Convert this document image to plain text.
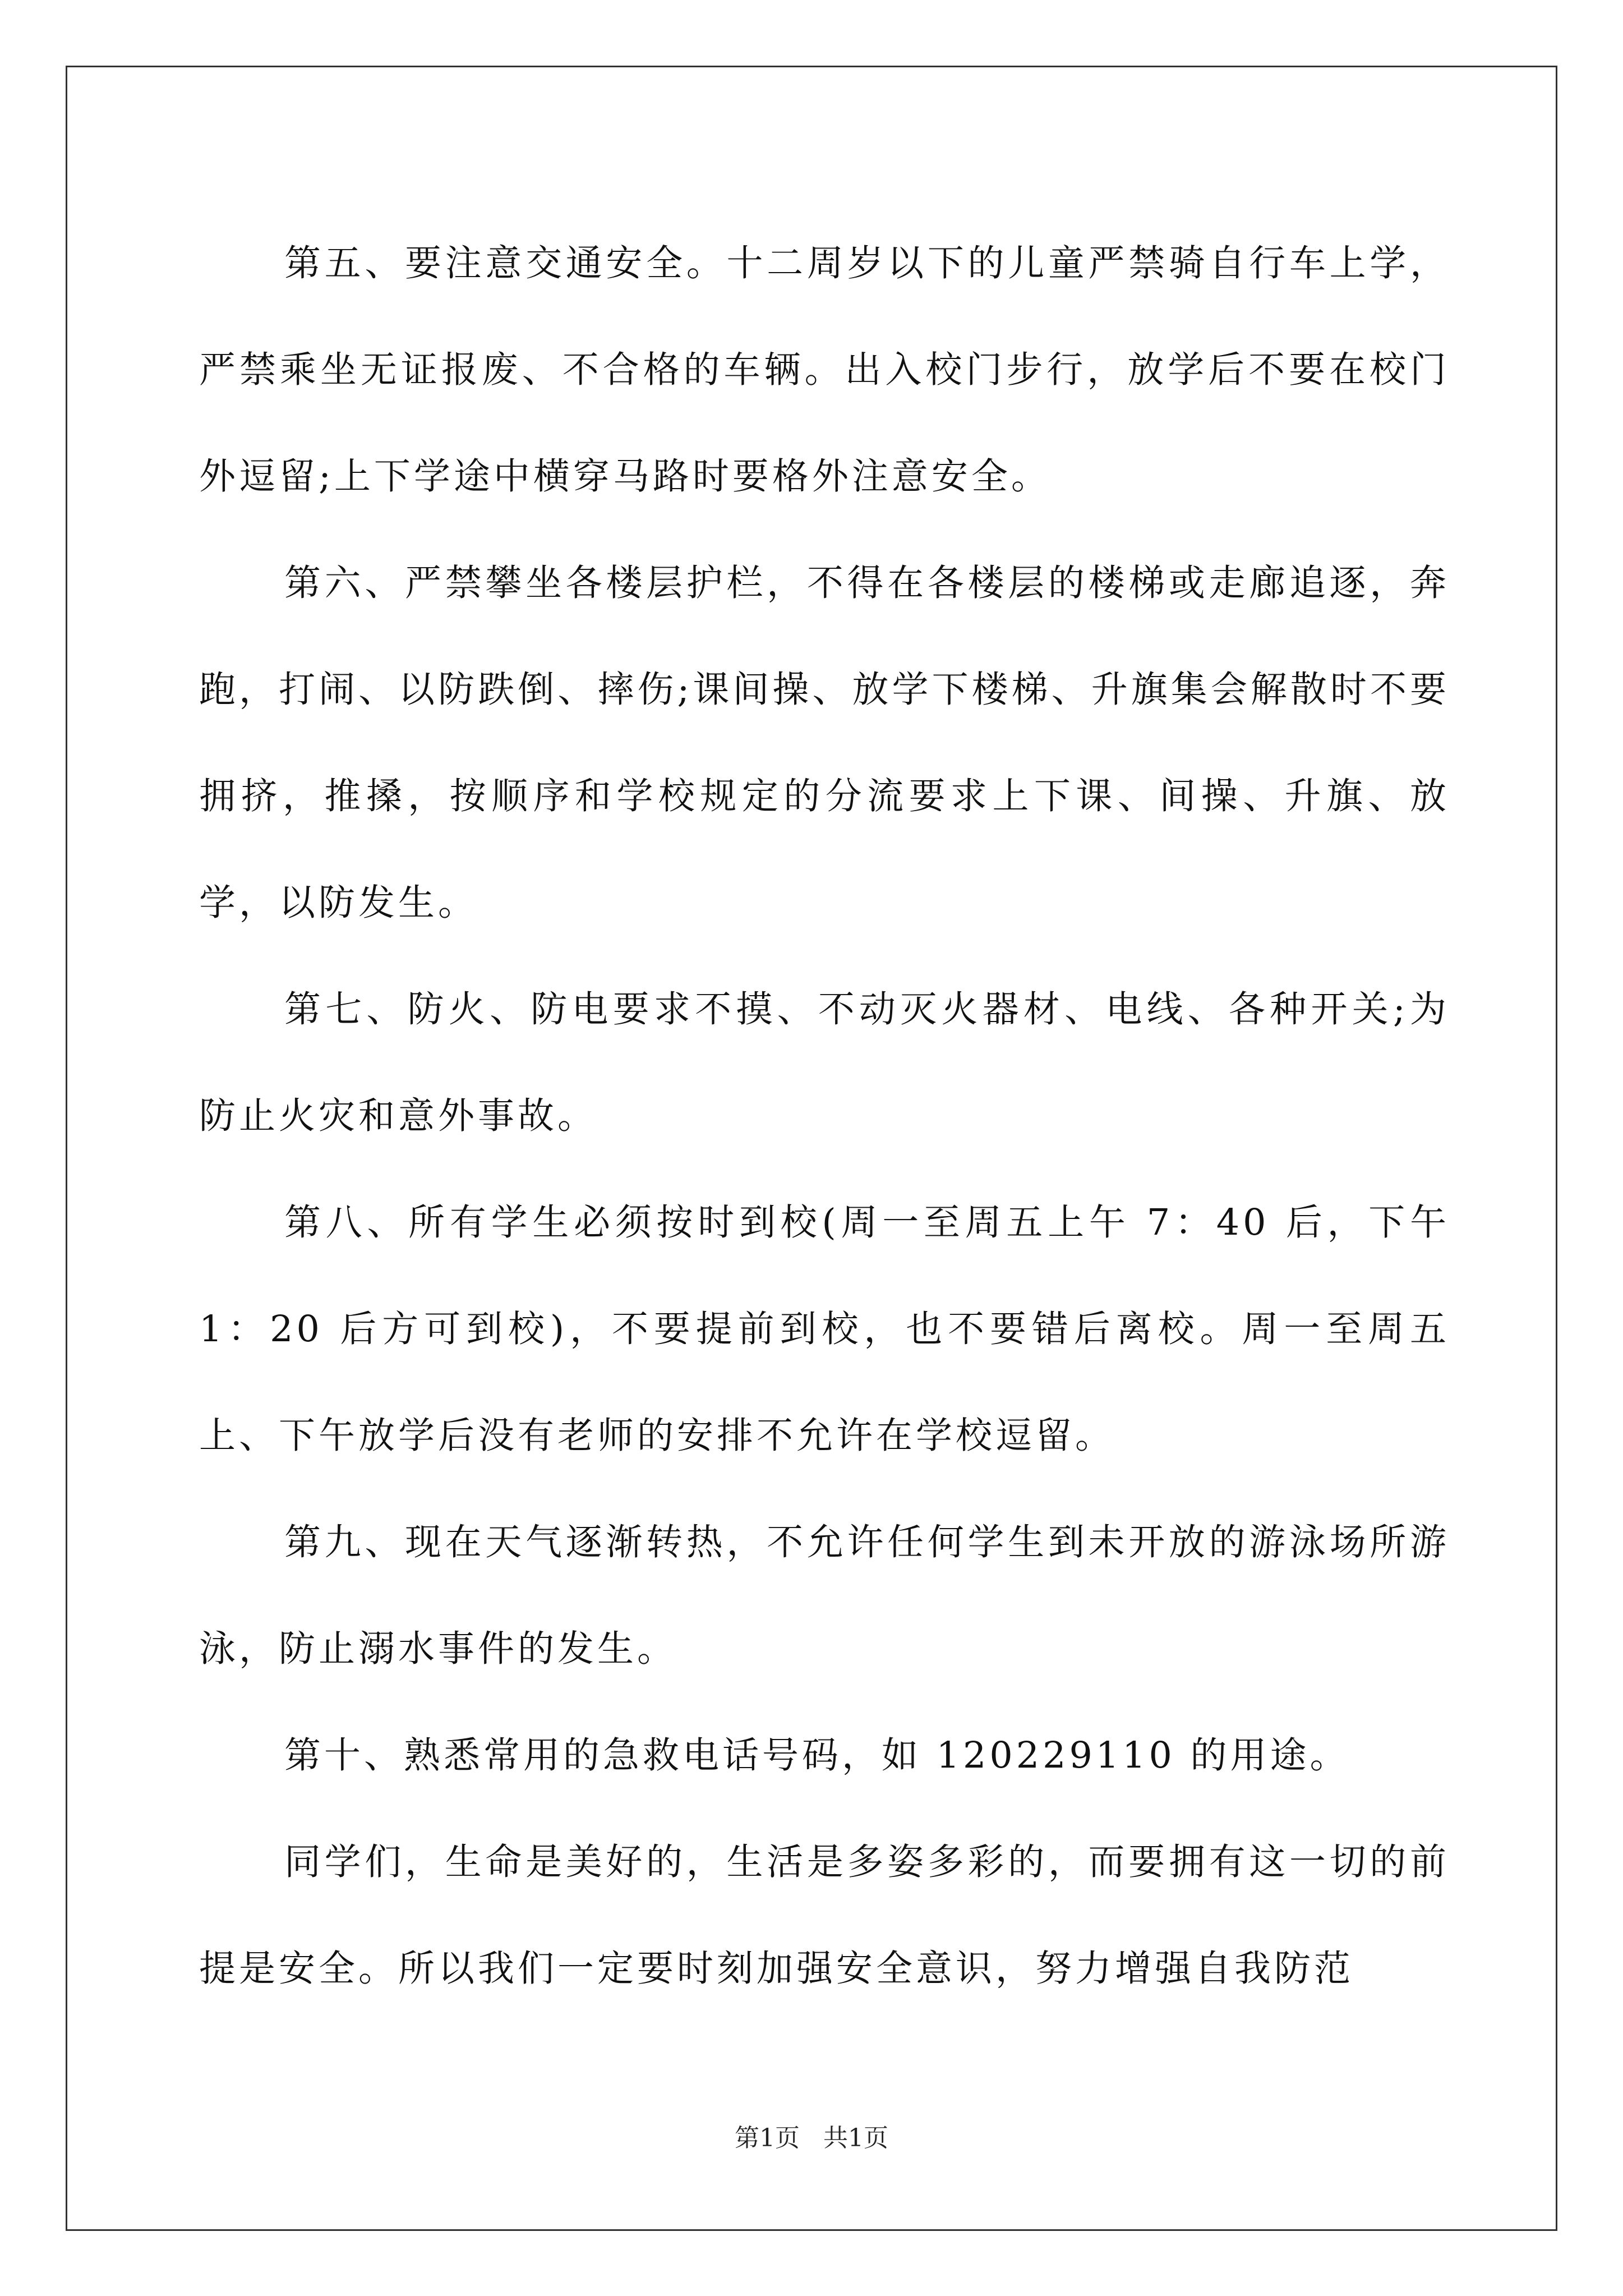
第五、要注意交通安全。十二周岁以下的儿童严禁骑自行车上学，严禁乘坐无证报废、不合格的车辆。出入校门步行，放学后不要在校门外逗留;上下学途中横穿马路时要格外注意安全。

第六、严禁攀坐各楼层护栏，不得在各楼层的楼梯或走廊追逐，奔跑，打闹、以防跌倒、摔伤;课间操、放学下楼梯、升旗集会解散时不要拥挤，推搡，按顺序和学校规定的分流要求上下课、间操、升旗、放学，以防发生。

第七、防火、防电要求不摸、不动灭火器材、电线、各种开关;为防止火灾和意外事故。

第八、所有学生必须按时到校(周一至周五上午 7：40 后，下午 1：20 后方可到校)，不要提前到校，也不要错后离校。周一至周五上、下午放学后没有老师的安排不允许在学校逗留。

第九、现在天气逐渐转热，不允许任何学生到未开放的游泳场所游泳，防止溺水事件的发生。

第十、熟悉常用的急救电话号码，如 120229110 的用途。

同学们，生命是美好的，生活是多姿多彩的，而要拥有这一切的前提是安全。所以我们一定要时刻加强安全意识，努力增强自我防范

第1页 共1页
